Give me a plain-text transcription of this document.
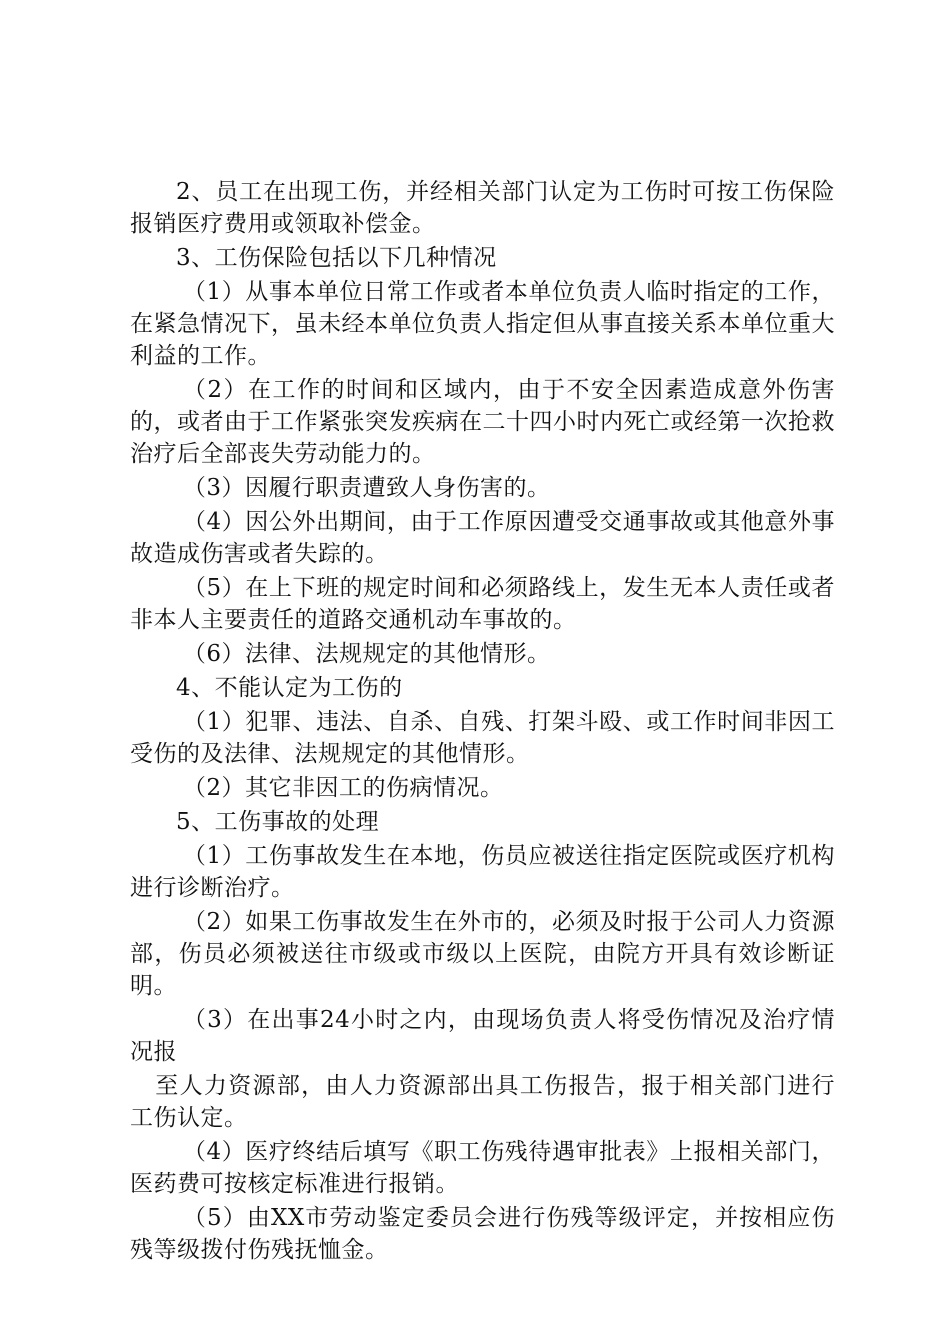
2、员工在出现工伤，并经相关部门认定为工伤时可按工伤保险报销医疗费用或领取补偿金。

3、工伤保险包括以下几种情况

（1）从事本单位日常工作或者本单位负责人临时指定的工作，在紧急情况下，虽未经本单位负责人指定但从事直接关系本单位重大利益的工作。

（2）在工作的时间和区域内，由于不安全因素造成意外伤害的，或者由于工作紧张突发疾病在二十四小时内死亡或经第一次抢救治疗后全部丧失劳动能力的。

（3）因履行职责遭致人身伤害的。

（4）因公外出期间，由于工作原因遭受交通事故或其他意外事故造成伤害或者失踪的。

（5）在上下班的规定时间和必须路线上，发生无本人责任或者非本人主要责任的道路交通机动车事故的。

（6）法律、法规规定的其他情形。

4、不能认定为工伤的

（1）犯罪、违法、自杀、自残、打架斗殴、或工作时间非因工受伤的及法律、法规规定的其他情形。

（2）其它非因工的伤病情况。

5、工伤事故的处理

（1）工伤事故发生在本地，伤员应被送往指定医院或医疗机构进行诊断治疗。

（2）如果工伤事故发生在外市的，必须及时报于公司人力资源部，伤员必须被送往市级或市级以上医院，由院方开具有效诊断证明。

（3）在出事24小时之内，由现场负责人将受伤情况及治疗情况报

至人力资源部，由人力资源部出具工伤报告，报于相关部门进行工伤认定。

（4）医疗终结后填写《职工伤残待遇审批表》上报相关部门，医药费可按核定标准进行报销。

（5）由XX市劳动鉴定委员会进行伤残等级评定，并按相应伤残等级拨付伤残抚恤金。
